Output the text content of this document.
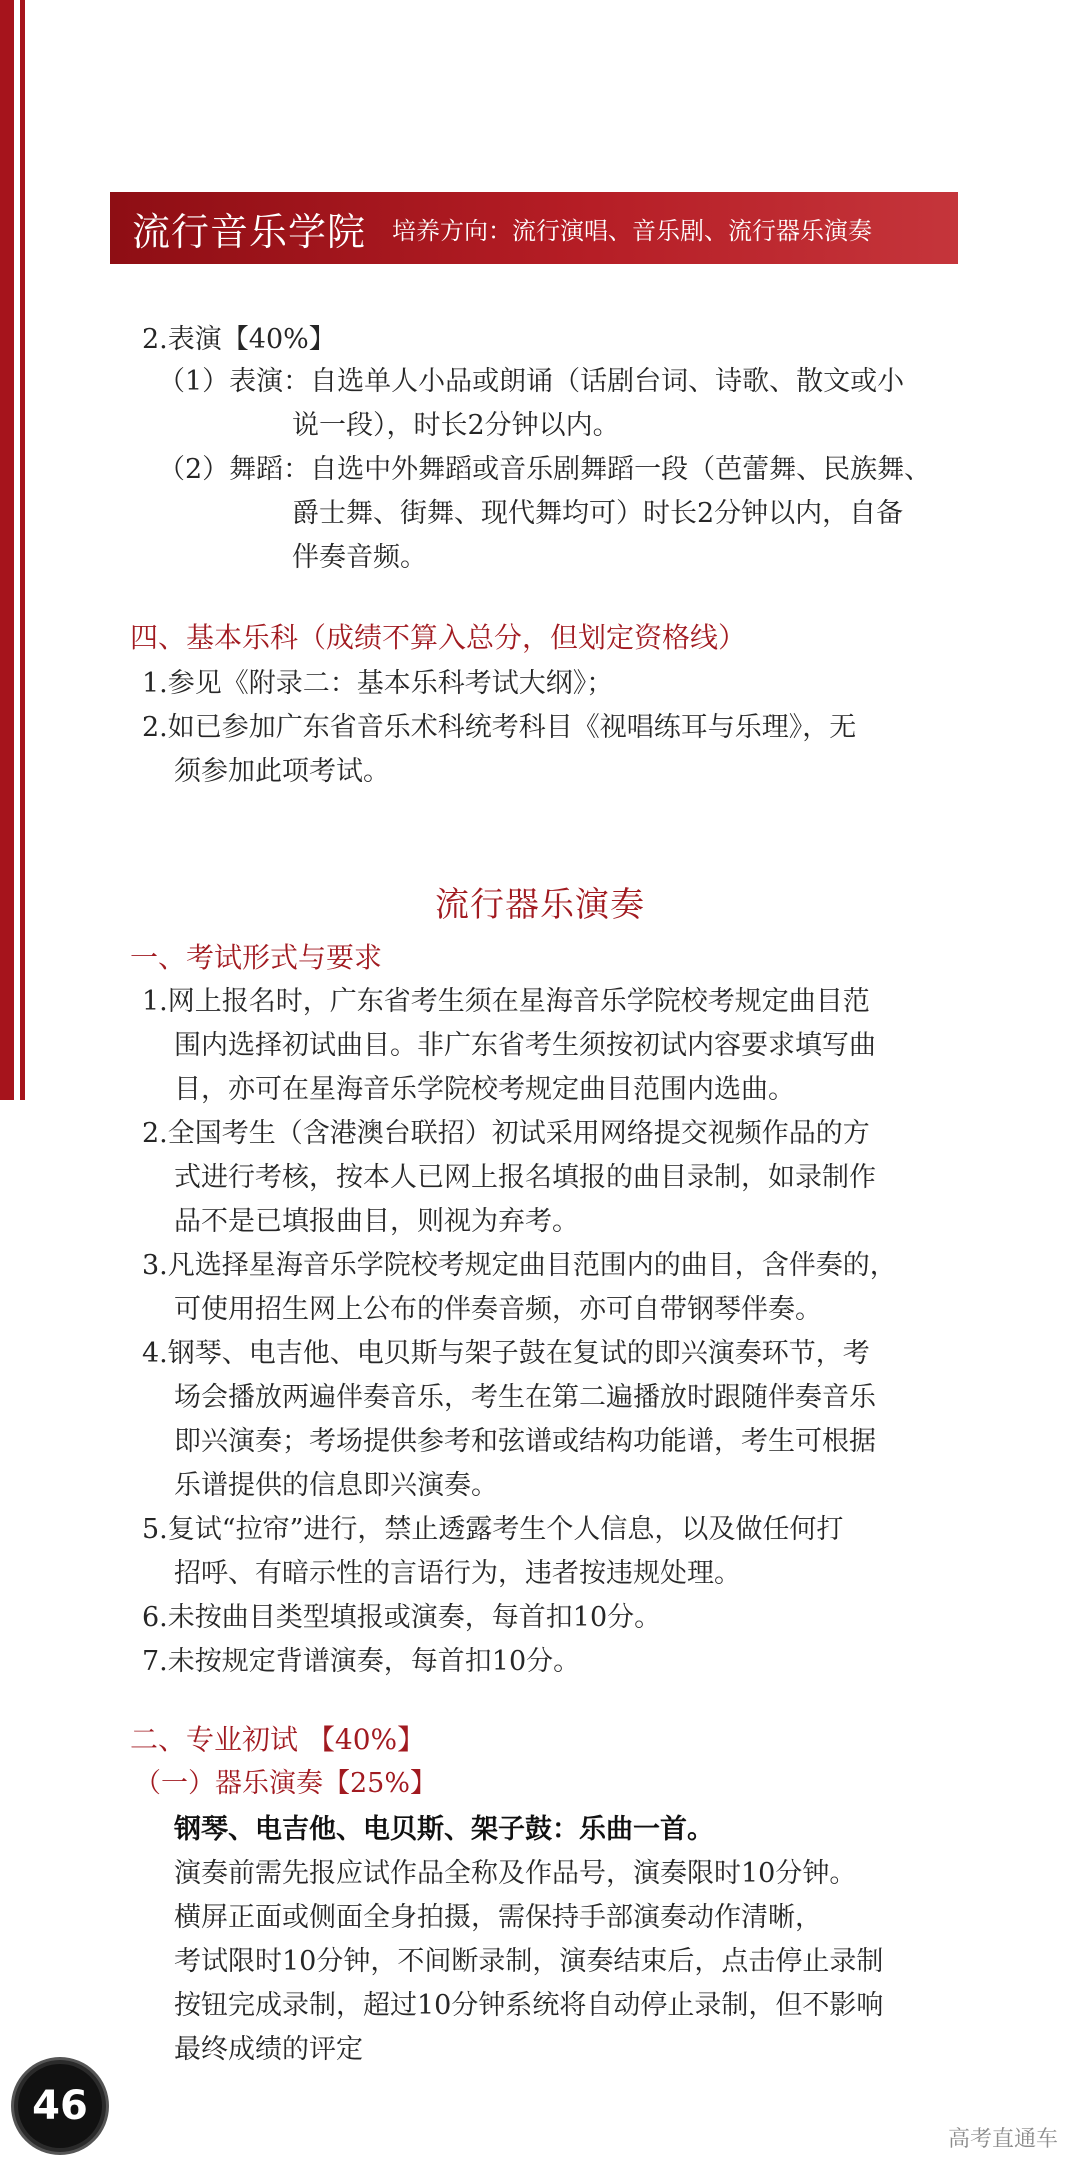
流行音乐学院 培养方向：流行演唱、音乐剧、流行器乐演奏
2.表演【40%】
（1）表演：自选单人小品或朗诵（话剧台词、诗歌、散文或小
说一段），时长2分钟以内。
（2）舞蹈：自选中外舞蹈或音乐剧舞蹈一段（芭蕾舞、民族舞、
爵士舞、街舞、现代舞均可）时长2分钟以内，自备
伴奏音频。
四、基本乐科（成绩不算入总分，但划定资格线）
1.参见《附录二：基本乐科考试大纲》；
2.如已参加广东省音乐术科统考科目《视唱练耳与乐理》，无
须参加此项考试。
流行器乐演奏
一、考试形式与要求
1.网上报名时，广东省考生须在星海音乐学院校考规定曲目范
围内选择初试曲目。非广东省考生须按初试内容要求填写曲
目，亦可在星海音乐学院校考规定曲目范围内选曲。
2.全国考生（含港澳台联招）初试采用网络提交视频作品的方
式进行考核，按本人已网上报名填报的曲目录制，如录制作
品不是已填报曲目，则视为弃考。
3.凡选择星海音乐学院校考规定曲目范围内的曲目，含伴奏的，
可使用招生网上公布的伴奏音频，亦可自带钢琴伴奏。
4.钢琴、电吉他、电贝斯与架子鼓在复试的即兴演奏环节，考
场会播放两遍伴奏音乐，考生在第二遍播放时跟随伴奏音乐
即兴演奏；考场提供参考和弦谱或结构功能谱，考生可根据
乐谱提供的信息即兴演奏。
5.复试“拉帘”进行，禁止透露考生个人信息，以及做任何打
招呼、有暗示性的言语行为，违者按违规处理。
6.未按曲目类型填报或演奏，每首扣10分。
7.未按规定背谱演奏，每首扣10分。
二、专业初试 【40%】
（一）器乐演奏【25%】
钢琴、电吉他、电贝斯、架子鼓：乐曲一首。
演奏前需先报应试作品全称及作品号，演奏限时10分钟。
横屏正面或侧面全身拍摄，需保持手部演奏动作清晰，
考试限时10分钟，不间断录制，演奏结束后，点击停止录制
按钮完成录制，超过10分钟系统将自动停止录制，但不影响
最终成绩的评定
46
高考直通车
